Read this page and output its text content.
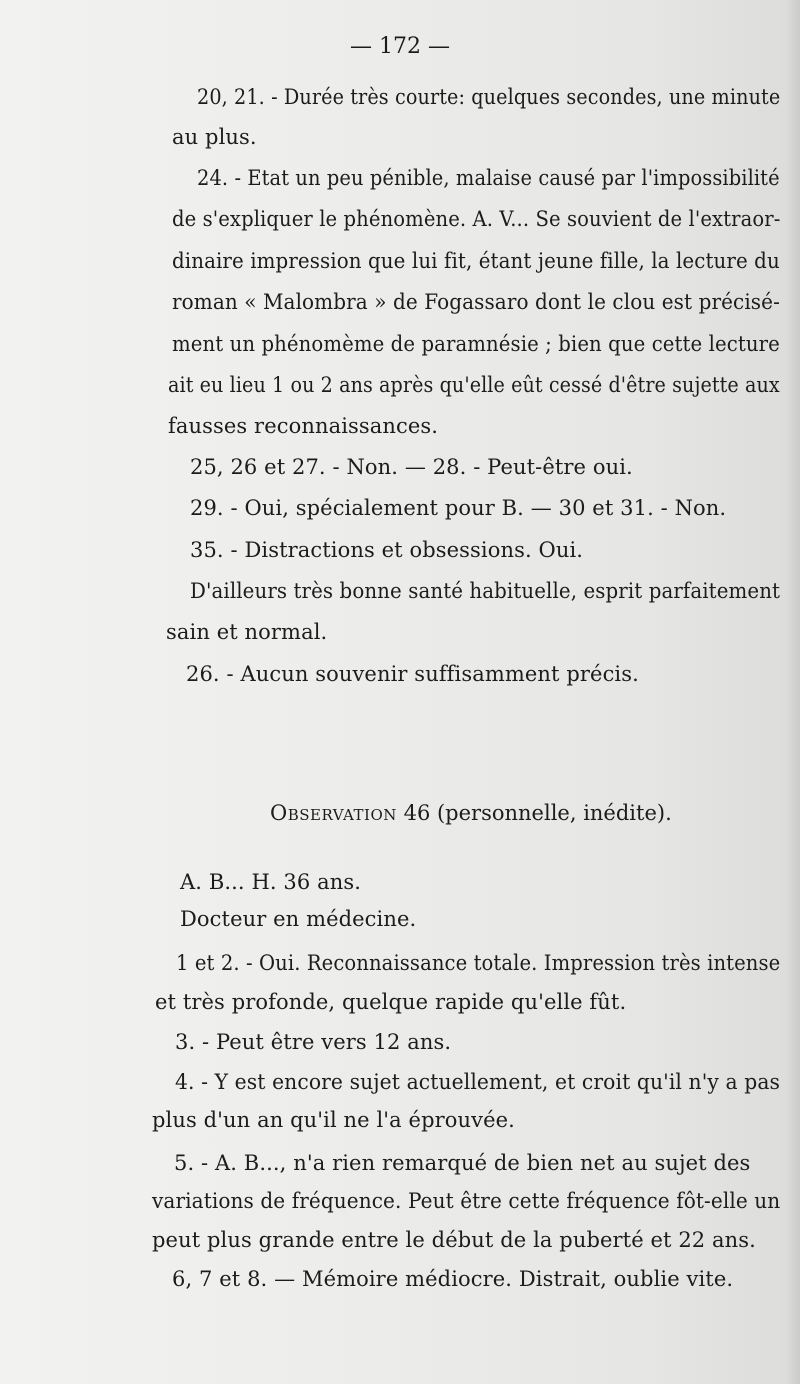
— 172 —
20, 21. - Durée très courte: quelques secondes, une minute
au plus.
24. - Etat un peu pénible, malaise causé par l'impossibilité
de s'expliquer le phénomène. A. V... Se souvient de l'extraor-
dinaire impression que lui fit, étant jeune fille, la lecture du
roman « Malombra » de Fogassaro dont le clou est précisé-
ment un phénomème de paramnésie ; bien que cette lecture
ait eu lieu 1 ou 2 ans après qu'elle eût cessé d'être sujette aux
fausses reconnaissances.
25, 26 et 27. - Non. — 28. - Peut-être oui.
29. - Oui, spécialement pour B. — 30 et 31. - Non.
35. - Distractions et obsessions. Oui.
D'ailleurs très bonne santé habituelle, esprit parfaitement
sain et normal.
26. - Aucun souvenir suffisamment précis.
Observation 46 (personnelle, inédite).
A. B... H. 36 ans.
Docteur en médecine.
1 et 2. - Oui. Reconnaissance totale. Impression très intense
et très profonde, quelque rapide qu'elle fût.
3. - Peut être vers 12 ans.
4. - Y est encore sujet actuellement, et croit qu'il n'y a pas
plus d'un an qu'il ne l'a éprouvée.
5. - A. B..., n'a rien remarqué de bien net au sujet des
variations de fréquence. Peut être cette fréquence fôt-elle un
peut plus grande entre le début de la puberté et 22 ans.
6, 7 et 8. — Mémoire médiocre. Distrait, oublie vite.
